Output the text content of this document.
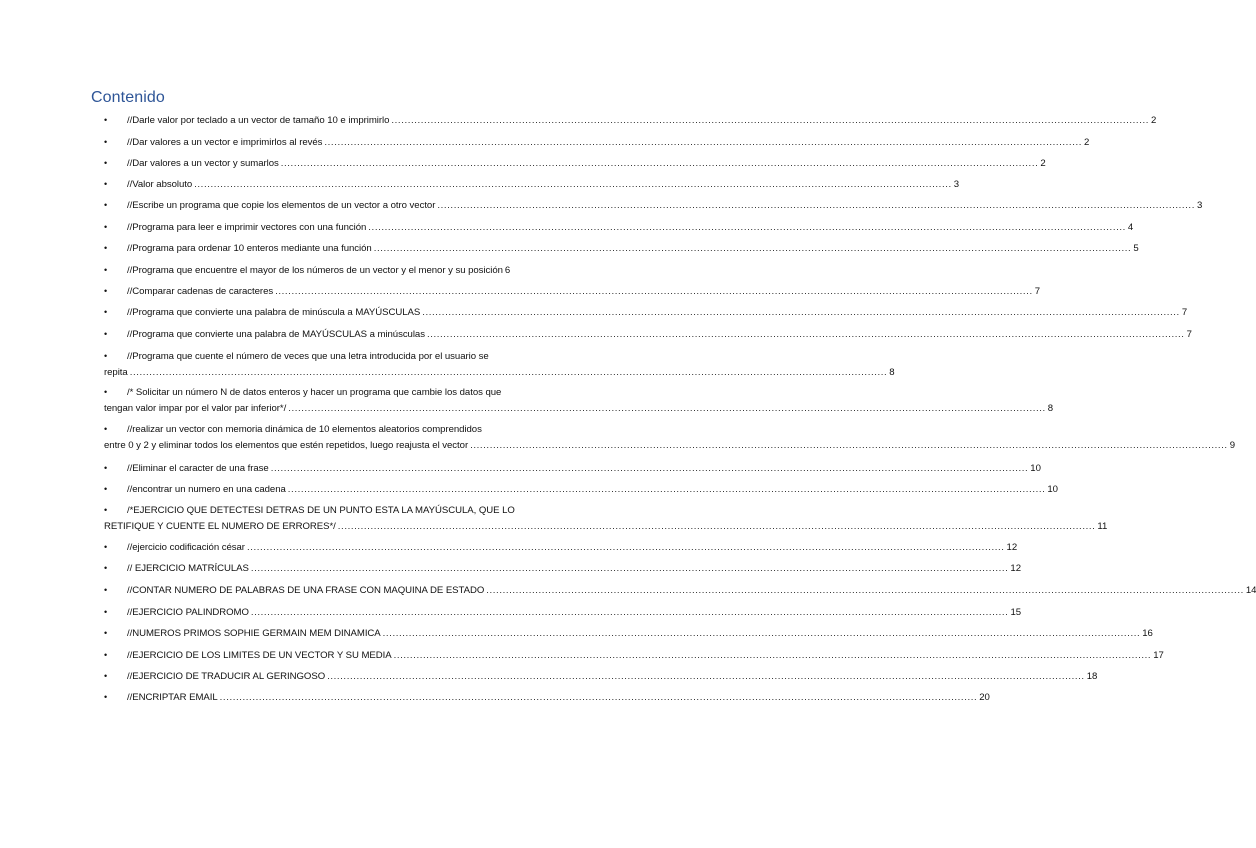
Contenido
•	//Darle valor por teclado a un vector de tamaño 10 e imprimirlo .....	2
•	//Dar valores a un vector e imprimirlos al revés .....	2
•	//Dar valores a un vector y sumarlos .....	2
•	//Valor absoluto .....	3
•	//Escribe un programa que copie los elementos de un vector a otro vector .....	3
•	//Programa para leer e imprimir vectores con una función .....	4
•	//Programa para ordenar 10 enteros mediante una función .....	5
•	//Programa que encuentre el mayor de los números de un vector y el menor y su posición 6
•	//Comparar cadenas de caracteres .....	7
•	//Programa que convierte una palabra de minúscula a MAYÚSCULAS .....	7
•	//Programa que convierte una palabra de MAYÚSCULAS a minúsculas .....	7
•	//Programa que cuente el número de veces que una letra introducida por el usuario se
repita .....	8
•	/* Solicitar un número N de datos enteros y hacer un programa que cambie los datos que
tengan valor impar por el valor par inferior*/ .....	8
•	//realizar un vector con memoria dinámica de 10 elementos aleatorios comprendidos
entre 0 y 2 y eliminar todos los elementos que estén repetidos, luego reajusta el vector .....	9
•	//Eliminar el caracter de una frase .....	10
•	//encontrar un numero en una cadena .....	10
•	/*EJERCICIO QUE DETECTESI DETRAS DE UN PUNTO ESTA LA MAYÚSCULA, QUE LO
RETIFIQUE Y CUENTE EL NUMERO DE ERRORES*/ .....	11
•	//ejercicio codificación césar .....	12
•	// EJERCICIO MATRÍCULAS .....	12
•	//CONTAR NUMERO DE PALABRAS DE UNA FRASE CON MAQUINA DE ESTADO .....	14
•	//EJERCICIO PALINDROMO .....	15
•	//NUMEROS PRIMOS SOPHIE GERMAIN MEM DINAMICA .....	16
•	//EJERCICIO DE LOS LIMITES DE UN VECTOR Y SU MEDIA .....	17
•	//EJERCICIO DE TRADUCIR AL GERINGOSO .....	18
•	//ENCRIPTAR EMAIL .....	20
